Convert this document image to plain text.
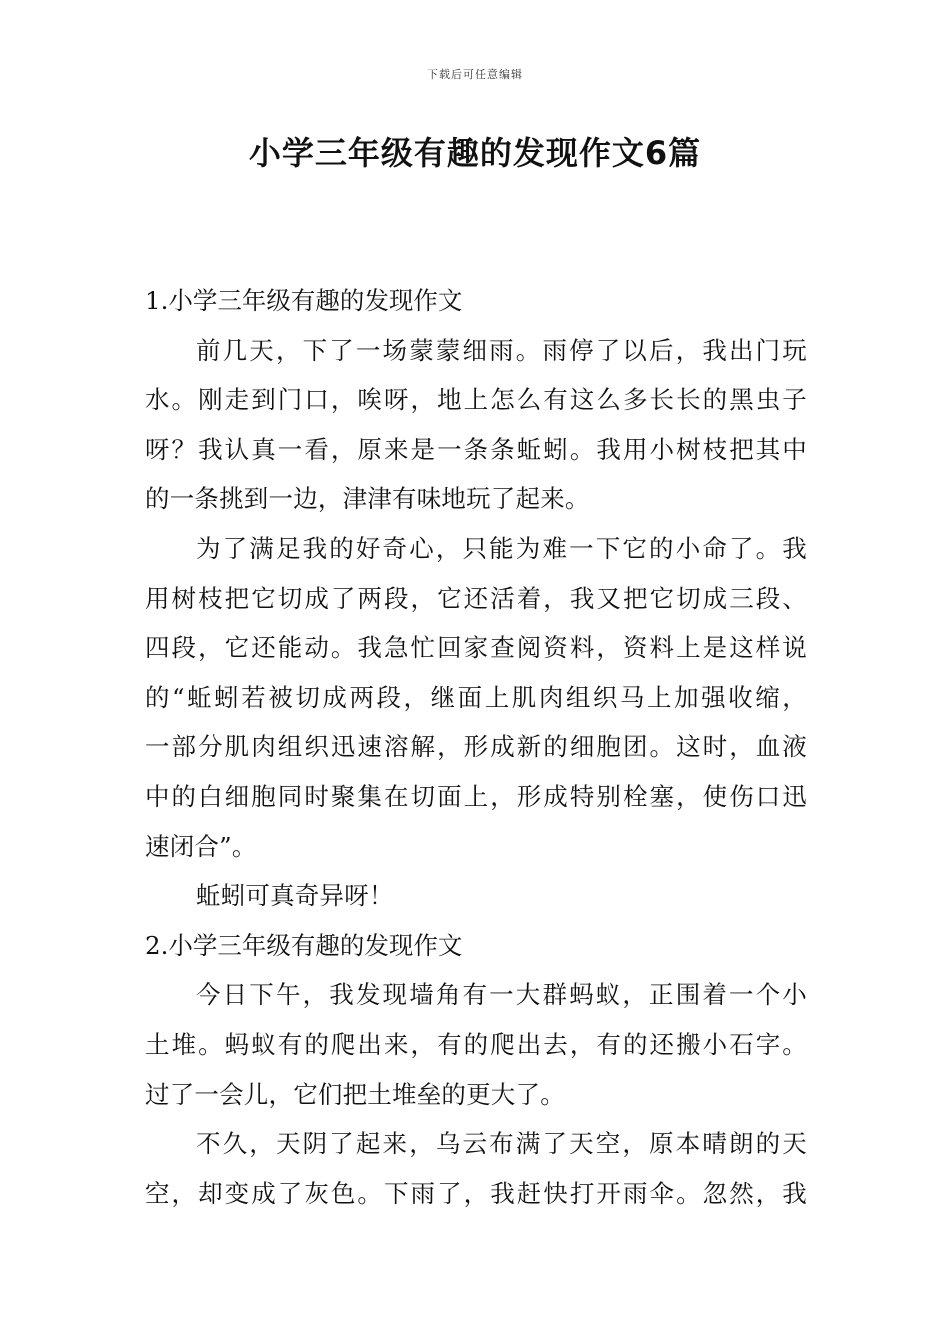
下载后可任意编辑
小学三年级有趣的发现作文6篇
1.小学三年级有趣的发现作文
前几天，下了一场蒙蒙细雨。雨停了以后，我出门玩
水。刚走到门口，唉呀，地上怎么有这么多长长的黑虫子
呀？我认真一看，原来是一条条蚯蚓。我用小树枝把其中
的一条挑到一边，津津有味地玩了起来。
为了满足我的好奇心，只能为难一下它的小命了。我
用树枝把它切成了两段，它还活着，我又把它切成三段、
四段，它还能动。我急忙回家查阅资料，资料上是这样说
的“蚯蚓若被切成两段，继面上肌肉组织马上加强收缩，
一部分肌肉组织迅速溶解，形成新的细胞团。这时，血液
中的白细胞同时聚集在切面上，形成特别栓塞，使伤口迅
速闭合”。
蚯蚓可真奇异呀！
2.小学三年级有趣的发现作文
今日下午，我发现墙角有一大群蚂蚁，正围着一个小
土堆。蚂蚁有的爬出来，有的爬出去，有的还搬小石字。
过了一会儿，它们把土堆垒的更大了。
不久，天阴了起来，乌云布满了天空，原本晴朗的天
空，却变成了灰色。下雨了，我赶快打开雨伞。忽然，我
